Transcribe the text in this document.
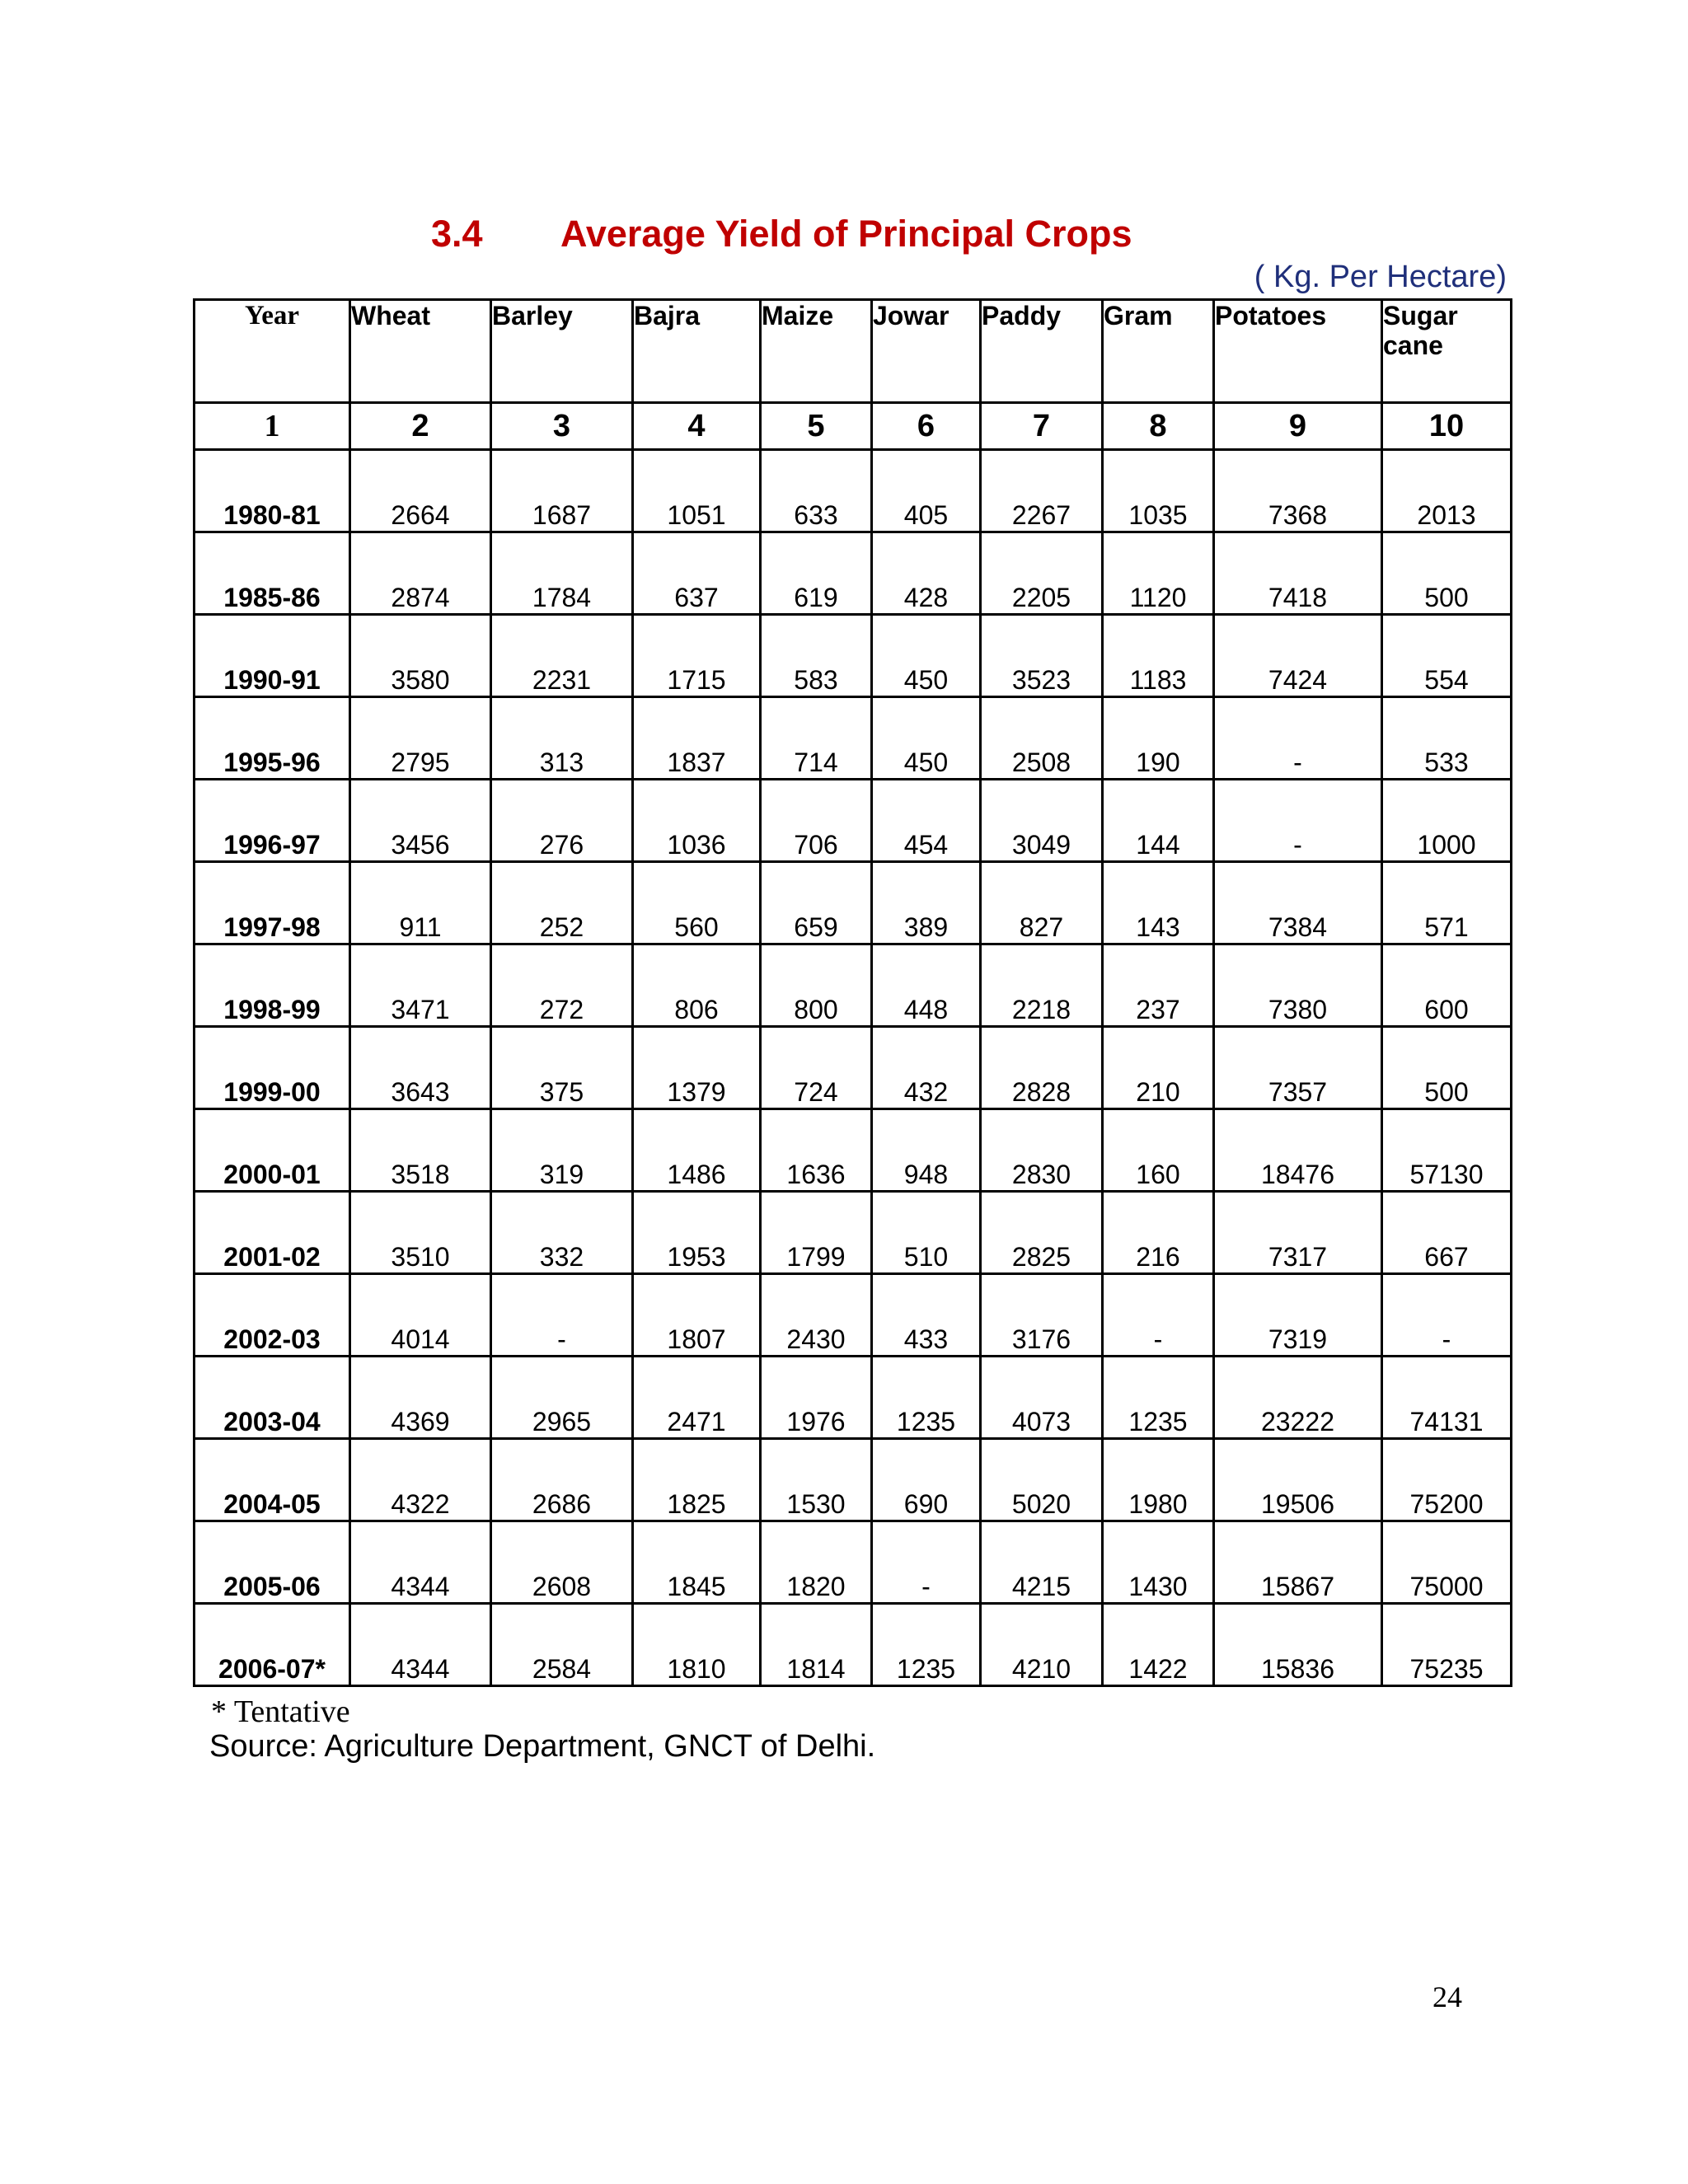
3.4 Average Yield of Principal Crops
( Kg. Per Hectare)
Year	Wheat	Barley	Bajra	Maize	Jowar	Paddy	Gram	Potatoes	Sugar
cane
1	2	3	4	5	6	7	8	9	10
1980-81	2664	1687	1051	633	405	2267	1035	7368	2013
1985-86	2874	1784	637	619	428	2205	1120	7418	500
1990-91	3580	2231	1715	583	450	3523	1183	7424	554
1995-96	2795	313	1837	714	450	2508	190	-	533
1996-97	3456	276	1036	706	454	3049	144	-	1000
1997-98	911	252	560	659	389	827	143	7384	571
1998-99	3471	272	806	800	448	2218	237	7380	600
1999-00	3643	375	1379	724	432	2828	210	7357	500
2000-01	3518	319	1486	1636	948	2830	160	18476	57130
2001-02	3510	332	1953	1799	510	2825	216	7317	667
2002-03	4014	-	1807	2430	433	3176	-	7319	-
2003-04	4369	2965	2471	1976	1235	4073	1235	23222	74131
2004-05	4322	2686	1825	1530	690	5020	1980	19506	75200
2005-06	4344	2608	1845	1820	-	4215	1430	15867	75000
2006-07*	4344	2584	1810	1814	1235	4210	1422	15836	75235
* Tentative
Source: Agriculture Department, GNCT of Delhi.
24
